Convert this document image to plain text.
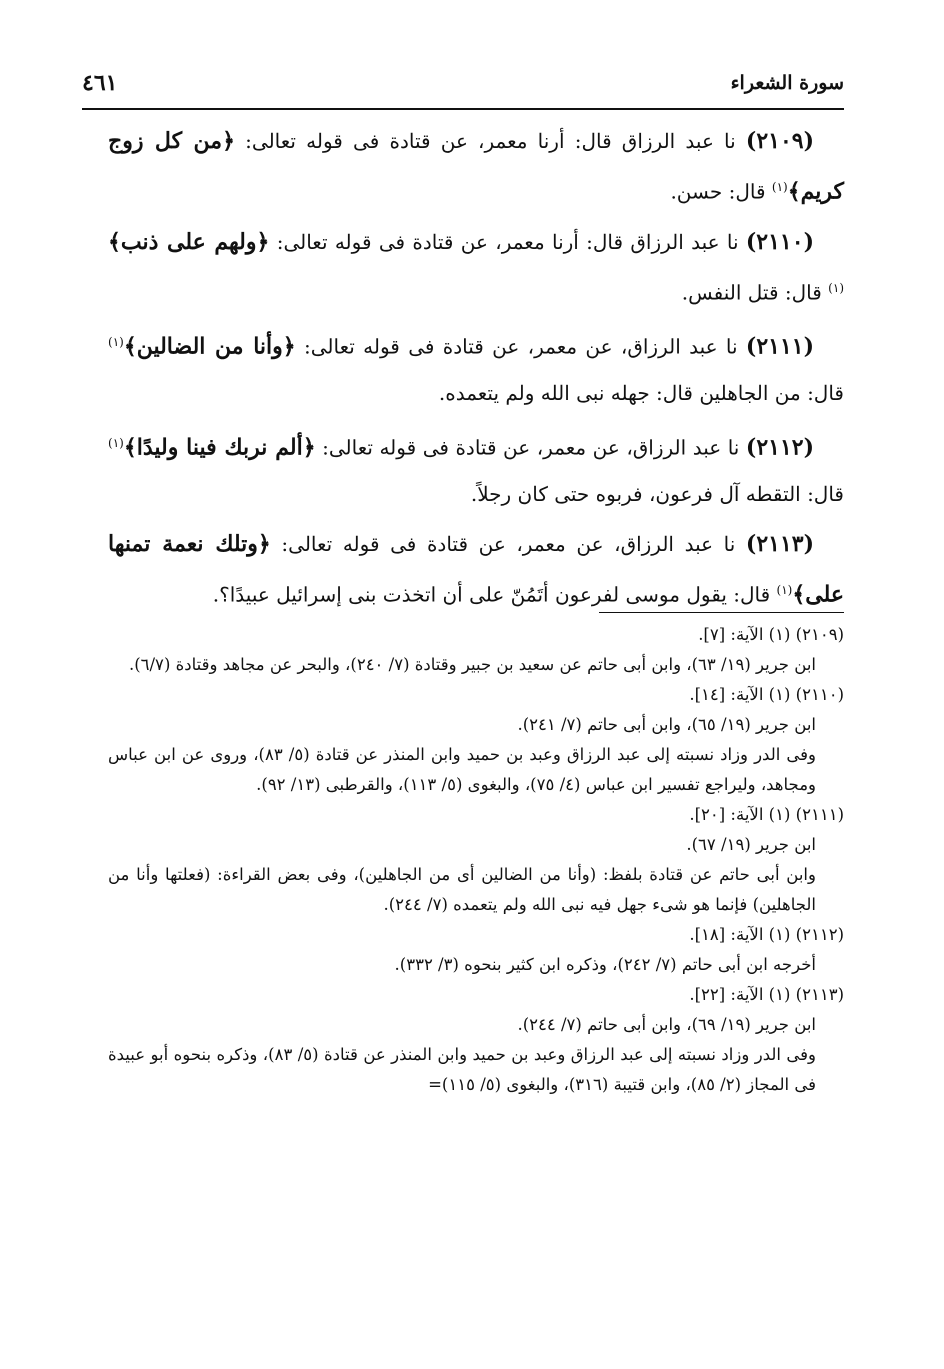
سورة الشعراء
٤٦١

(٢١٠٩) نا عبد الرزاق قال: أرنا معمر، عن قتادة فى قوله تعالى: ﴿من كل زوج كريم﴾$^{(١)}$ قال: حسن.

(٢١١٠) نا عبد الرزاق قال: أرنا معمر، عن قتادة فى قوله تعالى: ﴿ولهم على ذنب﴾$^{(١)}$ قال: قتل النفس.

(٢١١١) نا عبد الرزاق، عن معمر، عن قتادة فى قوله تعالى: ﴿وأنا من الضالين﴾$^{(١)}$ قال: من الجاهلين قال: جهله نبى الله ولم يتعمده.

(٢١١٢) نا عبد الرزاق، عن معمر، عن قتادة فى قوله تعالى: ﴿ألم نربك فينا وليدًا﴾$^{(١)}$ قال: التقطه آل فرعون، فربوه حتى كان رجلاً.

(٢١١٣) نا عبد الرزاق، عن معمر، عن قتادة فى قوله تعالى: ﴿وتلك نعمة تمنها على﴾$^{(١)}$ قال: يقول موسى لفرعون أتَمُنّ على أن اتخذت بنى إسرائيل عبيدًا؟.

(٢١٠٩) (١) الآية: [٧].

ابن جرير (١٩/ ٦٣)، وابن أبى حاتم عن سعيد بن جبير وقتادة (٧/ ٢٤٠)، والبحر عن مجاهد وقتادة (٦/٧).

(٢١١٠) (١) الآية: [١٤].

ابن جرير (١٩/ ٦٥)، وابن أبى حاتم (٧/ ٢٤١).

وفى الدر وزاد نسبته إلى عبد الرزاق وعبد بن حميد وابن المنذر عن قتادة (٥/ ٨٣)، وروى عن ابن عباس ومجاهد، وليراجع تفسير ابن عباس (٤/ ٧٥)، والبغوى (٥/ ١١٣)، والقرطبى (١٣/ ٩٢).

(٢١١١) (١) الآية: [٢٠].

ابن جرير (١٩/ ٦٧).

وابن أبى حاتم عن قتادة بلفظ: (وأنا من الضالين أى من الجاهلين)، وفى بعض القراءة: (فعلتها وأنا من الجاهلين) فإنما هو شىء جهل فيه نبى الله ولم يتعمده (٧/ ٢٤٤).

(٢١١٢) (١) الآية: [١٨].

أخرجه ابن أبى حاتم (٧/ ٢٤٢)، وذكره ابن كثير بنحوه (٣/ ٣٣٢).

(٢١١٣) (١) الآية: [٢٢].

ابن جرير (١٩/ ٦٩)، وابن أبى حاتم (٧/ ٢٤٤).

وفى الدر وزاد نسبته إلى عبد الرزاق وعبد بن حميد وابن المنذر عن قتادة (٥/ ٨٣)، وذكره بنحوه أبو عبيدة فى المجاز (٢/ ٨٥)، وابن قتيبة (٣١٦)، والبغوى (٥/ ١١٥)=
